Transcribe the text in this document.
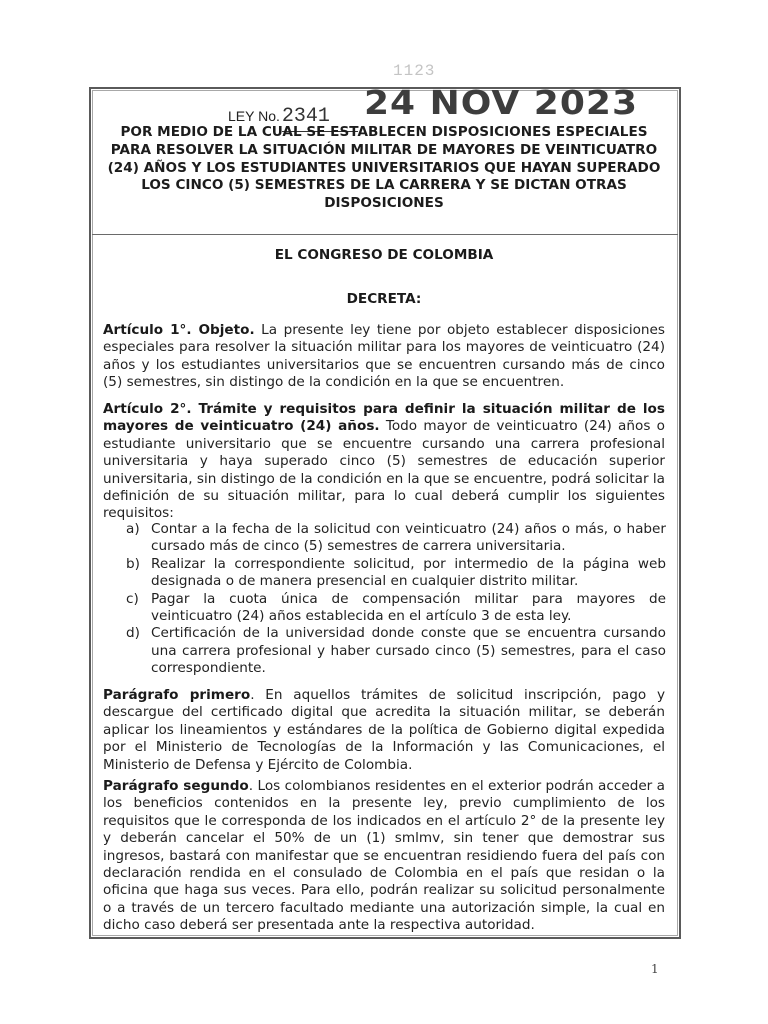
1123
LEY No. 2341 24 NOV 2023

POR MEDIO DE LA CUAL SE ESTABLECEN DISPOSICIONES ESPECIALES PARA RESOLVER LA SITUACIÓN MILITAR DE MAYORES DE VEINTICUATRO (24) AÑOS Y LOS ESTUDIANTES UNIVERSITARIOS QUE HAYAN SUPERADO LOS CINCO (5) SEMESTRES DE LA CARRERA Y SE DICTAN OTRAS DISPOSICIONES

EL CONGRESO DE COLOMBIA

DECRETA:

Artículo 1°. Objeto. La presente ley tiene por objeto establecer disposiciones especiales para resolver la situación militar para los mayores de veinticuatro (24) años y los estudiantes universitarios que se encuentren cursando más de cinco (5) semestres, sin distingo de la condición en la que se encuentren.

Artículo 2°. Trámite y requisitos para definir la situación militar de los mayores de veinticuatro (24) años. Todo mayor de veinticuatro (24) años o estudiante universitario que se encuentre cursando una carrera profesional universitaria y haya superado cinco (5) semestres de educación superior universitaria, sin distingo de la condición en la que se encuentre, podrá solicitar la definición de su situación militar, para lo cual deberá cumplir los siguientes requisitos:

a) Contar a la fecha de la solicitud con veinticuatro (24) años o más, o haber cursado más de cinco (5) semestres de carrera universitaria.
b) Realizar la correspondiente solicitud, por intermedio de la página web designada o de manera presencial en cualquier distrito militar.
c) Pagar la cuota única de compensación militar para mayores de veinticuatro (24) años establecida en el artículo 3 de esta ley.
d) Certificación de la universidad donde conste que se encuentra cursando una carrera profesional y haber cursado cinco (5) semestres, para el caso correspondiente.

Parágrafo primero. En aquellos trámites de solicitud inscripción, pago y descargue del certificado digital que acredita la situación militar, se deberán aplicar los lineamientos y estándares de la política de Gobierno digital expedida por el Ministerio de Tecnologías de la Información y las Comunicaciones, el Ministerio de Defensa y Ejército de Colombia.

Parágrafo segundo. Los colombianos residentes en el exterior podrán acceder a los beneficios contenidos en la presente ley, previo cumplimiento de los requisitos que le corresponda de los indicados en el artículo 2° de la presente ley y deberán cancelar el 50% de un (1) smlmv, sin tener que demostrar sus ingresos, bastará con manifestar que se encuentran residiendo fuera del país con declaración rendida en el consulado de Colombia en el país que residan o la oficina que haga sus veces. Para ello, podrán realizar su solicitud personalmente o a través de un tercero facultado mediante una autorización simple, la cual en dicho caso deberá ser presentada ante la respectiva autoridad.

1
